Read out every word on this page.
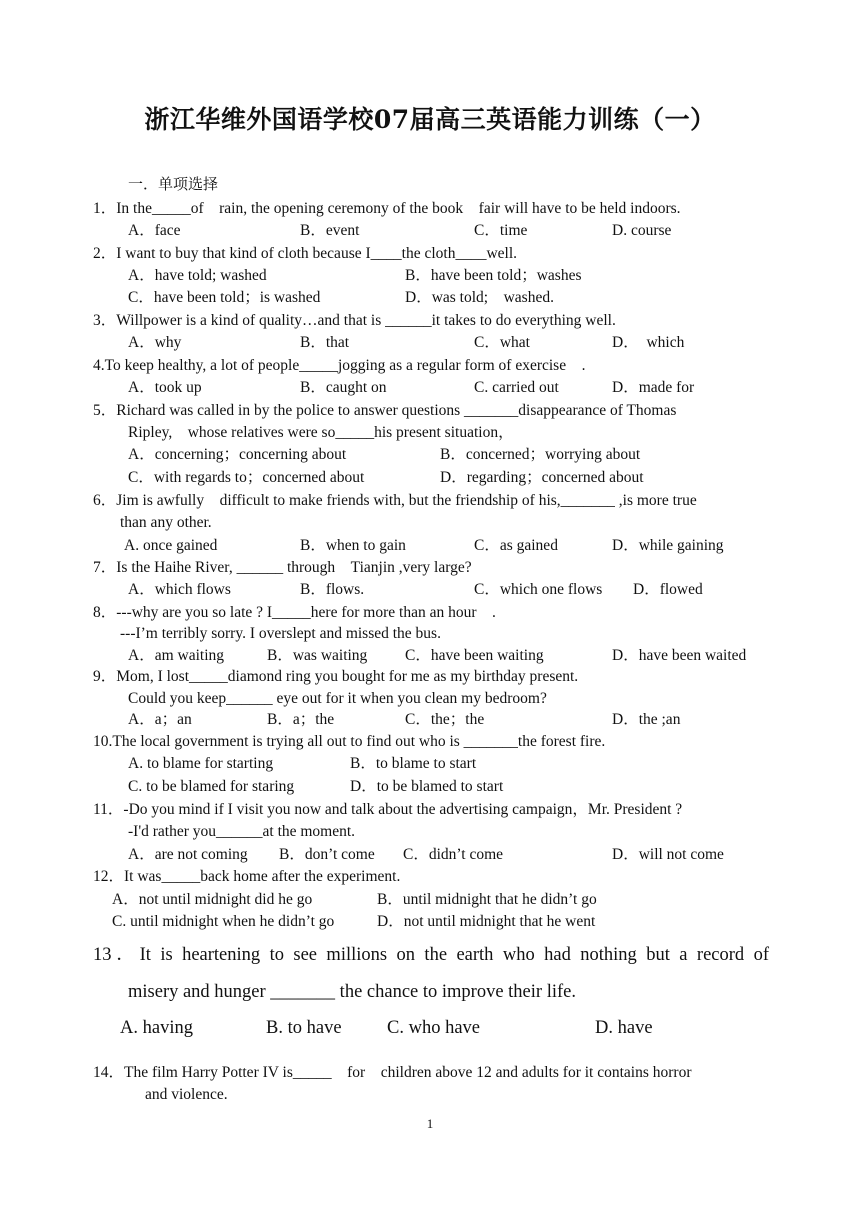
浙江华维外国语学校07届高三英语能力训练（一）
一．单项选择
1．In the_____of　rain, the opening ceremony of the book　fair will have to be held indoors.
A．face	B．event	C．time	D. course
2．I want to buy that kind of cloth because I____the cloth____well.
A．have told; washed	B．have been told；washes
C．have been told；is washed	D．was told;　washed.
3．Willpower is a kind of quality…and that is ______it takes to do everything well.
A．why	B．that	C．what	D．　which
4.To keep healthy, a lot of people_____jogging as a regular form of exercise　.
A．took up	B．caught on	C. carried out	D．made for
5．Richard was called in by the police to answer questions _______disappearance of Thomas
Ripley,　whose relatives were so_____his present situation，
A．concerning；concerning about	B．concerned；worrying about
C．with regards to；concerned about	D．regarding；concerned about
6．Jim is awfully　difficult to make friends with, but the friendship of his,_______ ,is more true
than any other.
A. once gained	B．when to gain	C．as gained	D．while gaining
7．Is the Haihe River, ______ through　Tianjin ,very large?
A．which flows	B．flows.	C．which one flows D．flowed
8．---why are you so late ? I_____here for more than an hour　.
---I’m terribly sorry. I overslept and missed the bus.
A．am waiting	B．was waiting C．have been waiting	D．have been waited
9．Mom, I lost_____diamond ring you bought for me as my birthday present.
Could you keep______ eye out for it when you clean my bedroom?
A．a；an	B．a；the	C．the；the	D．the ;an
10.The local government is trying all out to find out who is _______the forest fire.
A. to blame for starting	B．to blame to start
C. to be blamed for staring	D．to be blamed to start
11．-Do you mind if I visit you now and talk about the advertising campaign，Mr. President ?
-I'd rather you______at the moment.
A．are not coming B．don’t come C．didn’t come	D．will not come
12．It was_____back home after the experiment.
A．not until midnight did he go	B．until midnight that he didn’t go
C. until midnight when he didn’t go	D．not until midnight that he went
13．It is heartening to see millions on the earth who had nothing but a record of
misery and hunger _______ the chance to improve their life.
A. having	B. to have C. who have	D. have
14．The film Harry Potter IV is_____　for　children above 12 and adults for it contains horror
and violence.
1
